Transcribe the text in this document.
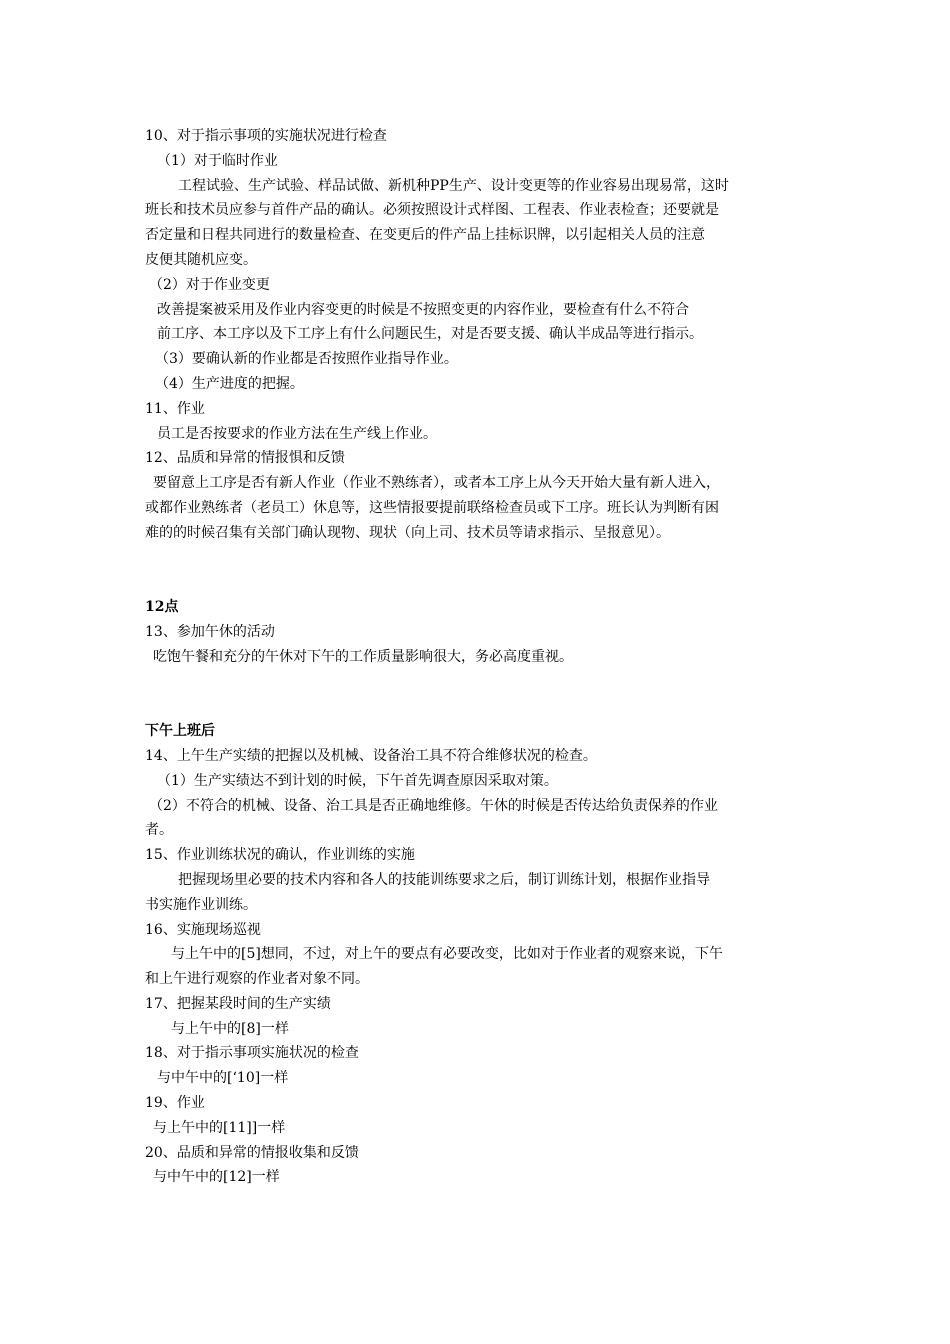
10、对于指示事项的实施状况进行检查
（1）对于临时作业
工程试验、生产试验、样品试做、新机种PP生产、设计变更等的作业容易出现易常，这时
班长和技术员应参与首件产品的确认。必须按照设计式样图、工程表、作业表检查；还要就是
否定量和日程共同进行的数量检查、在变更后的件产品上挂标识牌，以引起相关人员的注意
皮便其随机应变。
（2）对于作业变更
改善提案被采用及作业内容变更的时候是不按照变更的内容作业，要检查有什么不符合
前工序、本工序以及下工序上有什么问题民生，对是否要支援、确认半成品等进行指示。
（3）要确认新的作业都是否按照作业指导作业。
（4）生产进度的把握。
11、作业
员工是否按要求的作业方法在生产线上作业。
12、品质和异常的情报惧和反馈
要留意上工序是否有新人作业（作业不熟练者），或者本工序上从今天开始大量有新人进入，
或都作业熟练者（老员工）休息等，这些情报要提前联络检查员或下工序。班长认为判断有困
难的的时候召集有关部门确认现物、现状（向上司、技术员等请求指示、呈报意见）。
12点
13、参加午休的活动
吃饱午餐和充分的午休对下午的工作质量影响很大，务必高度重视。
下午上班后
14、上午生产实绩的把握以及机械、设备治工具不符合维修状况的检查。
（1）生产实绩达不到计划的时候，下午首先调查原因采取对策。
（2）不符合的机械、设备、治工具是否正确地维修。午休的时候是否传达给负责保养的作业
者。
15、作业训练状况的确认，作业训练的实施
把握现场里必要的技术内容和各人的技能训练要求之后，制订训练计划，根据作业指导
书实施作业训练。
16、实施现场巡视
与上午中的[5]想同，不过，对上午的要点有必要改变，比如对于作业者的观察来说，下午
和上午进行观察的作业者对象不同。
17、把握某段时间的生产实绩
与上午中的[8]一样
18、对于指示事项实施状况的检查
与中午中的[‘10]一样
19、作业
与上午中的[11]]一样
20、品质和异常的情报收集和反馈
与中午中的[12]一样
